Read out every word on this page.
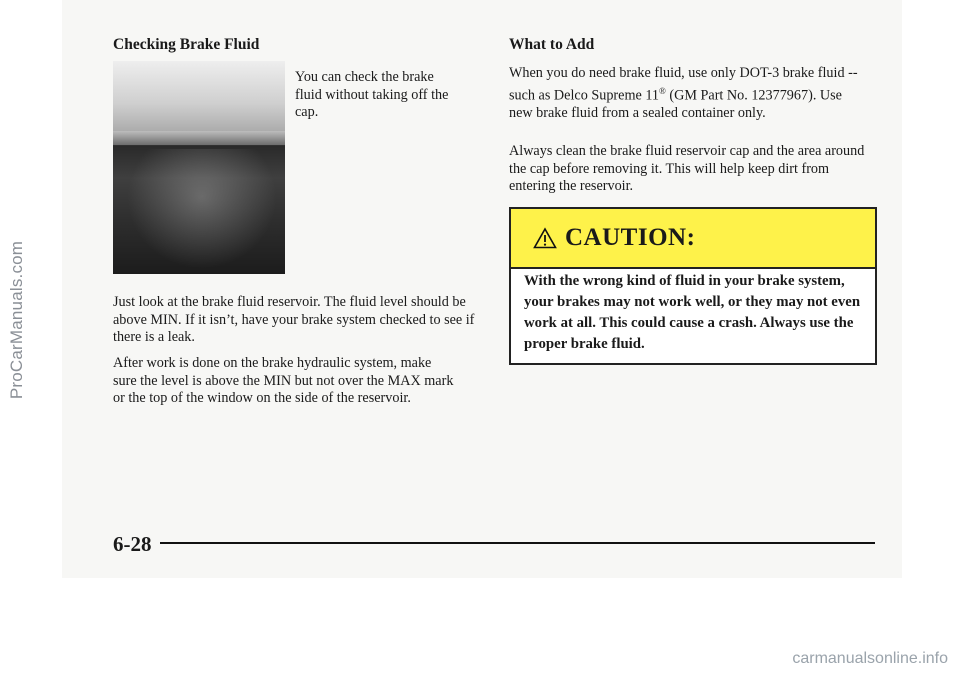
ProCarManuals.com
Checking Brake Fluid

You can check the brake fluid without taking off the cap.

Just look at the brake fluid reservoir. The fluid level should be above MIN. If it isn’t, have your brake system checked to see if there is a leak.

After work is done on the brake hydraulic system, make sure the level is above the MIN but not over the MAX mark or the top of the window on the side of the reservoir.

What to Add

When you do need brake fluid, use only DOT-3 brake fluid -- such as Delco Supreme 11® (GM Part No. 12377967). Use new brake fluid from a sealed container only.

Always clean the brake fluid reservoir cap and the area around the cap before removing it. This will help keep dirt from entering the reservoir.

CAUTION:

With the wrong kind of fluid in your brake system, your brakes may not work well, or they may not even work at all. This could cause a crash. Always use the proper brake fluid.

6-28
carmanualsonline.info
